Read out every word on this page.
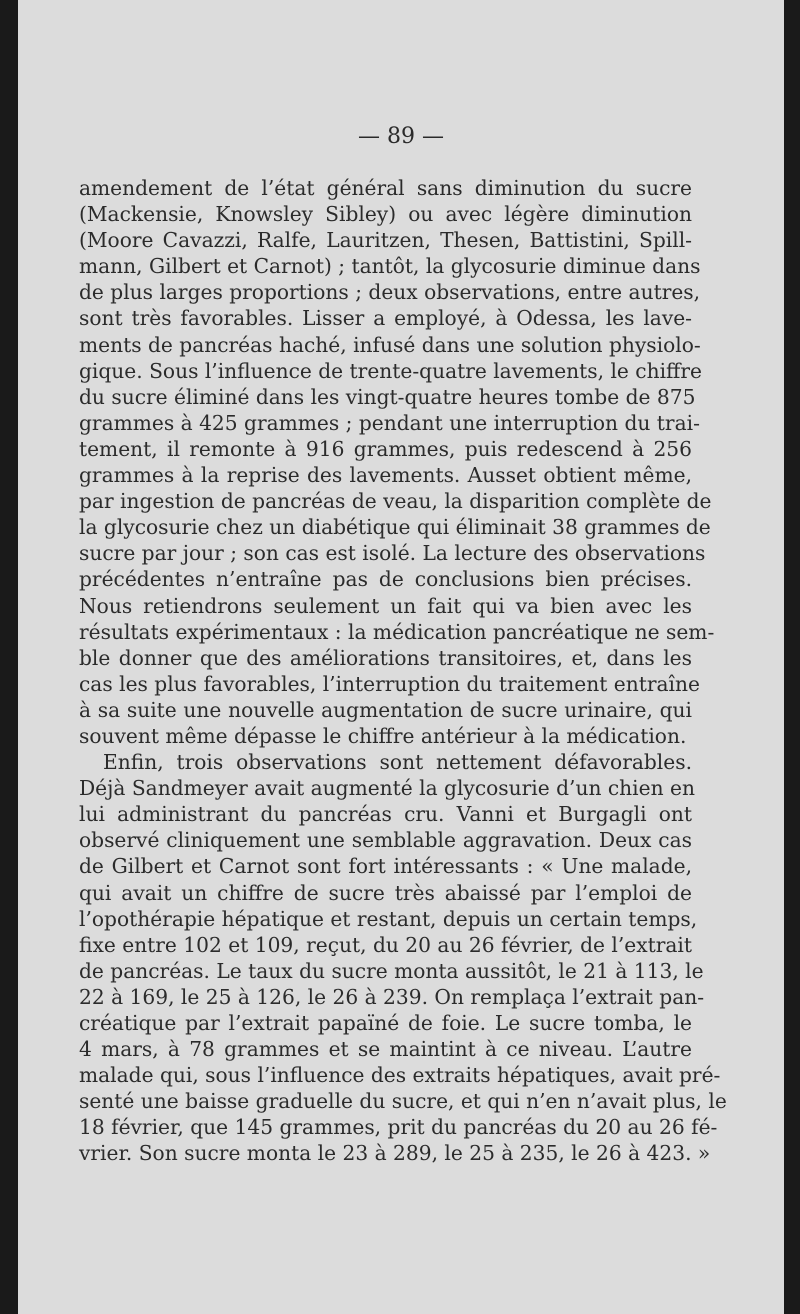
— 89 —
amendement de l’état général sans diminution du sucre
(Mackensie, Knowsley Sibley) ou avec légère diminution
(Moore Cavazzi, Ralfe, Lauritzen, Thesen, Battistini, Spill-
mann, Gilbert et Carnot) ; tantôt, la glycosurie diminue dans
de plus larges proportions ; deux observations, entre autres,
sont très favorables. Lisser a employé, à Odessa, les lave-
ments de pancréas haché, infusé dans une solution physiolo-
gique. Sous l’influence de trente-quatre lavements, le chiffre
du sucre éliminé dans les vingt-quatre heures tombe de 875
grammes à 425 grammes ; pendant une interruption du trai-
tement, il remonte à 916 grammes, puis redescend à 256
grammes à la reprise des lavements. Ausset obtient même,
par ingestion de pancréas de veau, la disparition complète de
la glycosurie chez un diabétique qui éliminait 38 grammes de
sucre par jour ; son cas est isolé. La lecture des observations
précédentes n’entraîne pas de conclusions bien précises.
Nous retiendrons seulement un fait qui va bien avec les
résultats expérimentaux : la médication pancréatique ne sem-
ble donner que des améliorations transitoires, et, dans les
cas les plus favorables, l’interruption du traitement entraîne
à sa suite une nouvelle augmentation de sucre urinaire, qui
souvent même dépasse le chiffre antérieur à la médication.
Enfin, trois observations sont nettement défavorables.
Déjà Sandmeyer avait augmenté la glycosurie d’un chien en
lui administrant du pancréas cru. Vanni et Burgagli ont
observé cliniquement une semblable aggravation. Deux cas
de Gilbert et Carnot sont fort intéressants : « Une malade,
qui avait un chiffre de sucre très abaissé par l’emploi de
l’opothérapie hépatique et restant, depuis un certain temps,
fixe entre 102 et 109, reçut, du 20 au 26 février, de l’extrait
de pancréas. Le taux du sucre monta aussitôt, le 21 à 113, le
22 à 169, le 25 à 126, le 26 à 239. On remplaça l’extrait pan-
créatique par l’extrait papaïné de foie. Le sucre tomba, le
4 mars, à 78 grammes et se maintint à ce niveau. L’autre
malade qui, sous l’influence des extraits hépatiques, avait pré-
senté une baisse graduelle du sucre, et qui n’en n’avait plus, le
18 février, que 145 grammes, prit du pancréas du 20 au 26 fé-
vrier. Son sucre monta le 23 à 289, le 25 à 235, le 26 à 423. »
